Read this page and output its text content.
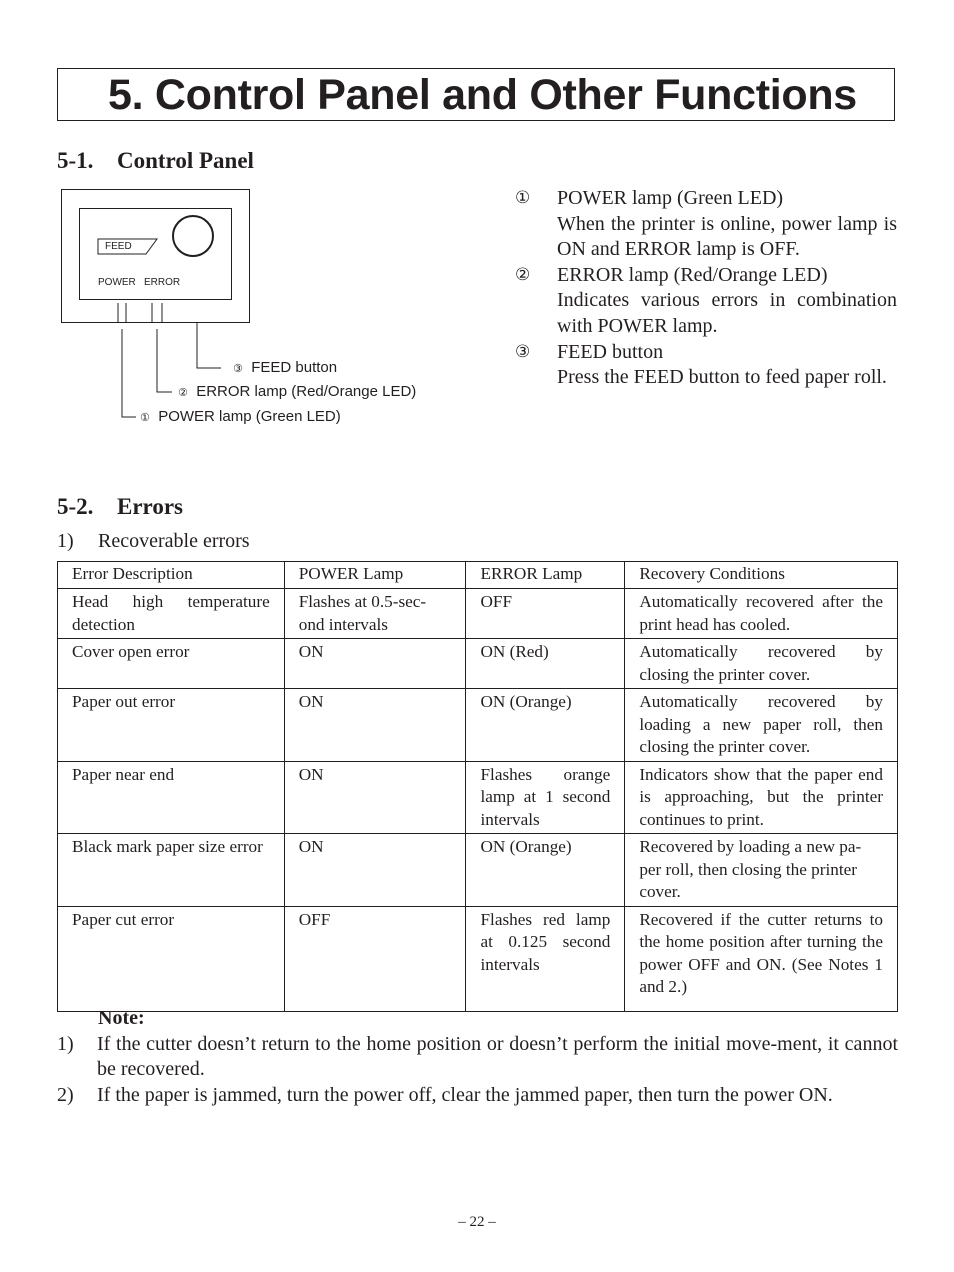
5. Control Panel and Other Functions
5-1. Control Panel
FEED
POWER ERROR
③ FEED button
② ERROR lamp (Red/Orange LED)
① POWER lamp (Green LED)
① POWER lamp (Green LED)
When the printer is online, power lamp is ON and ERROR lamp is OFF.
② ERROR lamp (Red/Orange LED)
Indicates various errors in combination with POWER lamp.
③ FEED button
Press the FEED button to feed paper roll.
5-2. Errors
1) Recoverable errors
Error Description	POWER Lamp	ERROR Lamp	Recovery Conditions
Head high temperature detection	Flashes at 0.5-sec-ond intervals	OFF	Automatically recovered after the print head has cooled.
Cover open error	ON	ON (Red)	Automatically recovered by closing the printer cover.
Paper out error	ON	ON (Orange)	Automatically recovered by loading a new paper roll, then closing the printer cover.
Paper near end	ON	Flashes orange lamp at 1 second intervals	Indicators show that the paper end is approaching, but the printer continues to print.
Black mark paper size error	ON	ON (Orange)	Recovered by loading a new pa-per roll, then closing the printer cover.
Paper cut error	OFF	Flashes red lamp at 0.125 second intervals	Recovered if the cutter returns to the home position after turning the power OFF and ON. (See Notes 1 and 2.)
Note:
1) If the cutter doesn’t return to the home position or doesn’t perform the initial move-ment, it cannot be recovered.
2) If the paper is jammed, turn the power off, clear the jammed paper, then turn the power ON.
– 22 –
